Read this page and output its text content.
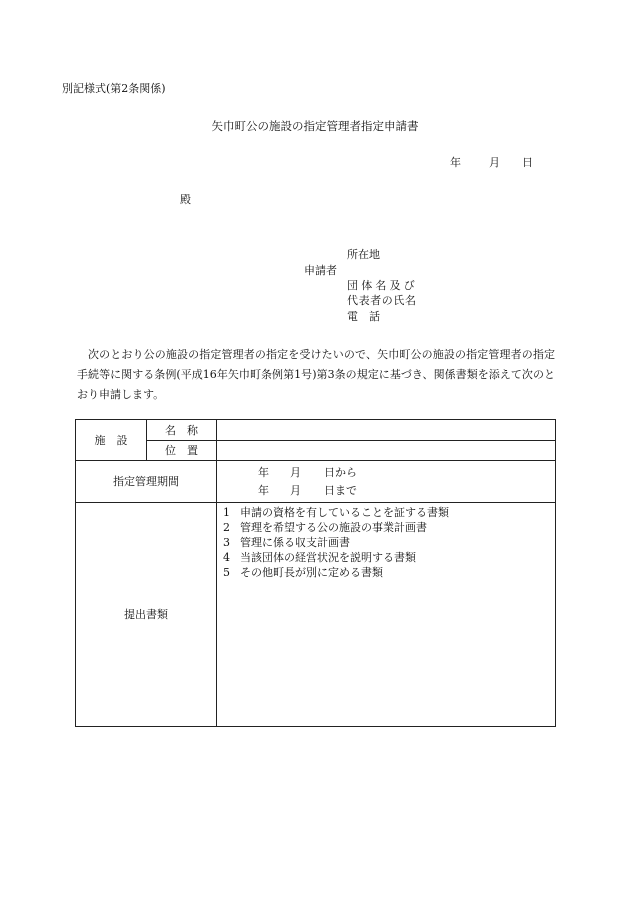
別記様式(第2条関係)
矢巾町公の施設の指定管理者指定申請書
年	月 日
殿
申請者
所在地
団体名及び
代表者の氏名
電 話
次のとおり公の施設の指定管理者の指定を受けたいので、矢巾町公の施設の指定管理者の指定手続等に関する条例(平成16年矢巾町条例第1号)第3条の規定に基づき、関係書類を添えて次のとおり申請します。
施設	名称	
	位置	
指定管理期間		年 月 日から
年 月 日まで

提出書類		1 申請の資格を有していることを証する書類
2 管理を希望する公の施設の事業計画書
3 管理に係る収支計画書
4 当該団体の経営状況を説明する書類
5 その他町長が別に定める書類
